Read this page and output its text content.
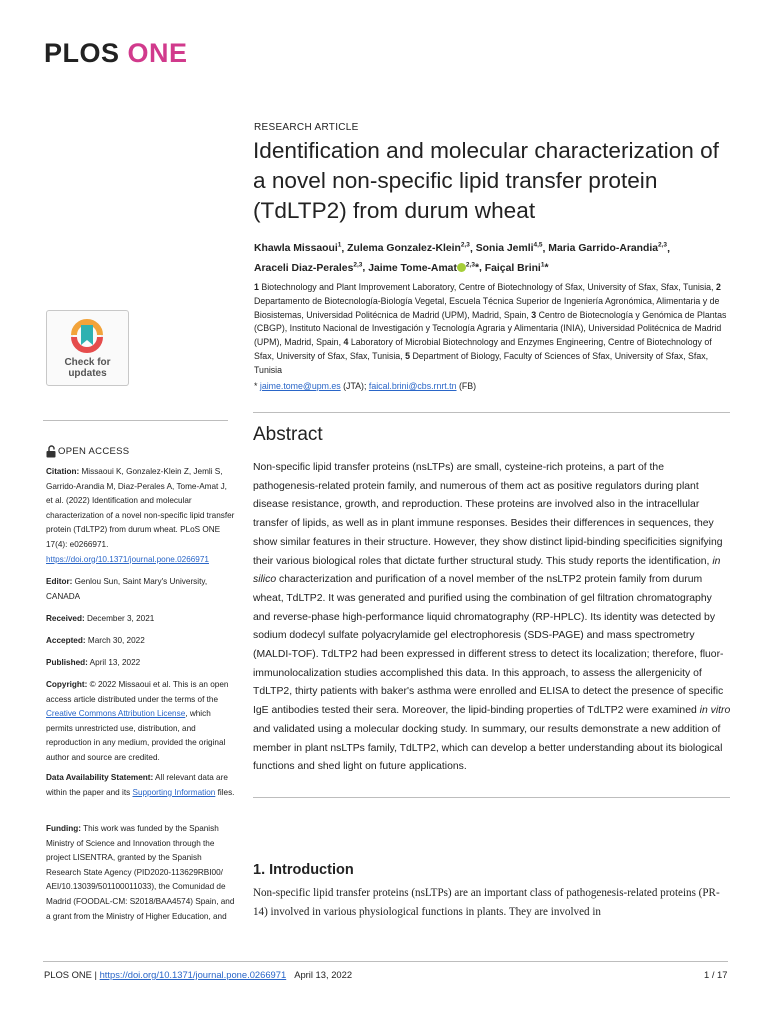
PLOS ONE
RESEARCH ARTICLE
Identification and molecular characterization of a novel non-specific lipid transfer protein (TdLTP2) from durum wheat
Khawla Missaoui$^1$, Zulema Gonzalez-Klein$^{2,3}$, Sonia Jemli$^{4,5}$, Maria Garrido-Arandia$^{2,3}$,
Araceli Diaz-Perales$^{2,3}$, Jaime Tome-Amat $^{2,3}$*, Faiçal Brini$^1$*
1 Biotechnology and Plant Improvement Laboratory, Centre of Biotechnology of Sfax, University of Sfax, Sfax, Tunisia, 2 Departamento de Biotecnología-Biología Vegetal, Escuela Técnica Superior de Ingeniería Agronómica, Alimentaria y de Biosistemas, Universidad Politécnica de Madrid (UPM), Madrid, Spain, 3 Centro de Biotecnología y Genómica de Plantas (CBGP), Instituto Nacional de Investigación y Tecnología Agraria y Alimentaria (INIA), Universidad Politécnica de Madrid (UPM), Madrid, Spain, 4 Laboratory of Microbial Biotechnology and Enzymes Engineering, Centre of Biotechnology of Sfax, University of Sfax, Sfax, Tunisia, 5 Department of Biology, Faculty of Sciences of Sfax, University of Sfax, Sfax, Tunisia
* jaime.tome@upm.es (JTA); faical.brini@cbs.rnrt.tn (FB)
Check for
updates
OPEN ACCESS
Citation: Missaoui K, Gonzalez-Klein Z, Jemli S, Garrido-Arandia M, Diaz-Perales A, Tome-Amat J, et al. (2022) Identification and molecular characterization of a novel non-specific lipid transfer protein (TdLTP2) from durum wheat. PLoS ONE 17(4): e0266971. https://doi.org/10.1371/journal.pone.0266971
Editor: Genlou Sun, Saint Mary's University, CANADA
Received: December 3, 2021
Accepted: March 30, 2022
Published: April 13, 2022
Copyright: © 2022 Missaoui et al. This is an open access article distributed under the terms of the Creative Commons Attribution License, which permits unrestricted use, distribution, and reproduction in any medium, provided the original author and source are credited.
Data Availability Statement: All relevant data are within the paper and its Supporting Information files.
Funding: This work was funded by the Spanish Ministry of Science and Innovation through the project LISENTRA, granted by the Spanish Research State Agency (PID2020-113629RBI00/ AEI/10.13039/501100011033), the Comunidad de Madrid (FOODAL-CM: S2018/BAA4574) Spain, and a grant from the Ministry of Higher Education, and
Abstract
Non-specific lipid transfer proteins (nsLTPs) are small, cysteine-rich proteins, a part of the pathogenesis-related protein family, and numerous of them act as positive regulators during plant disease resistance, growth, and reproduction. These proteins are involved also in the intracellular transfer of lipids, as well as in plant immune responses. Besides their differences in sequences, they show similar features in their structure. However, they show distinct lipid-binding specificities signifying their various biological roles that dictate further structural study. This study reports the identification, in silico characterization and purification of a novel member of the nsLTP2 protein family from durum wheat, TdLTP2. It was generated and purified using the combination of gel filtration chromatography and reverse-phase high-performance liquid chromatography (RP-HPLC). Its identity was detected by sodium dodecyl sulfate polyacrylamide gel electrophoresis (SDS-PAGE) and mass spectrometry (MALDI-TOF). TdLTP2 had been expressed in different stress to detect its localization; therefore, fluor-immunolocalization studies accomplished this data. In this approach, to assess the allergenicity of TdLTP2, thirty patients with baker's asthma were enrolled and ELISA to detect the presence of specific IgE antibodies tested their sera. Moreover, the lipid-binding properties of TdLTP2 were examined in vitro and validated using a molecular docking study. In summary, our results demonstrate a new addition of member in plant nsLTPs family, TdLTP2, which can develop a better understanding about its biological functions and shed light on future applications.
1. Introduction
Non-specific lipid transfer proteins (nsLTPs) are an important class of pathogenesis-related proteins (PR-14) involved in various physiological functions in plants. They are involved in
PLOS ONE | https://doi.org/10.1371/journal.pone.0266971 April 13, 2022	1 / 17
